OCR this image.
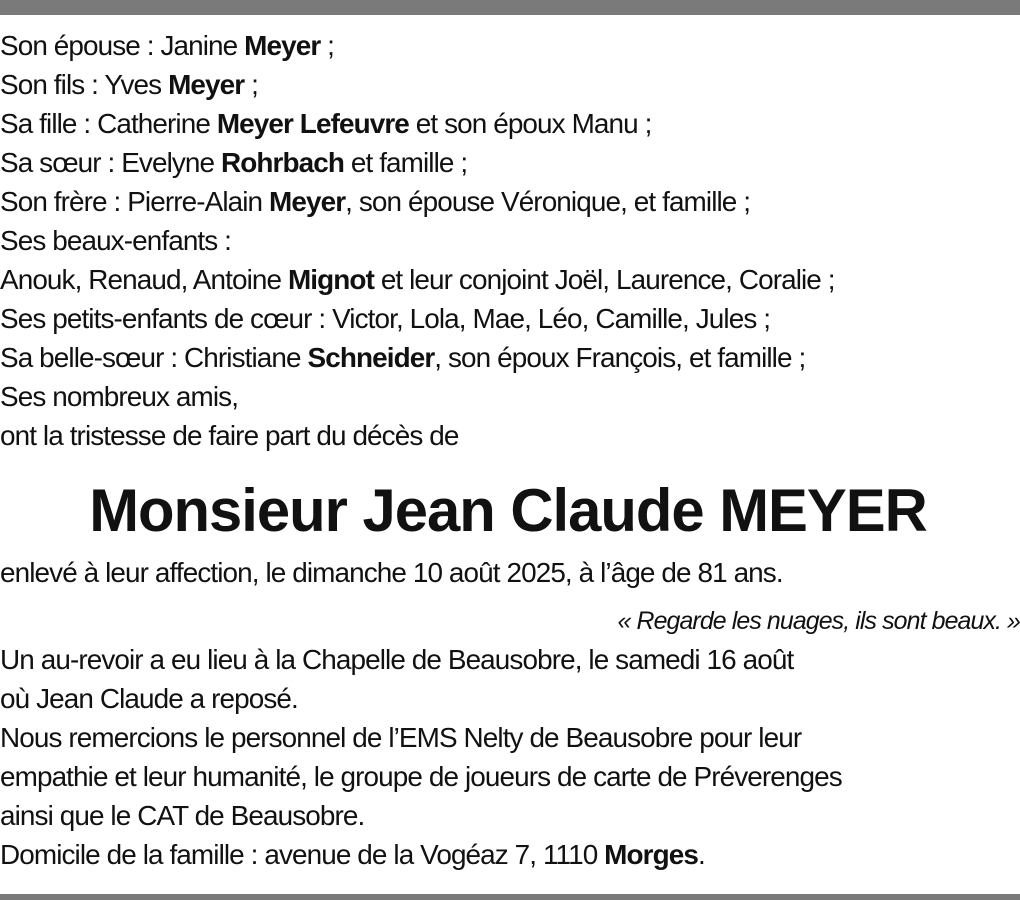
Son épouse : Janine Meyer ;
Son fils : Yves Meyer ;
Sa fille : Catherine Meyer Lefeuvre et son époux Manu ;
Sa sœur : Evelyne Rohrbach et famille ;
Son frère : Pierre-Alain Meyer, son épouse Véronique, et famille ;
Ses beaux-enfants :
Anouk, Renaud, Antoine Mignot et leur conjoint Joël, Laurence, Coralie ;
Ses petits-enfants de cœur : Victor, Lola, Mae, Léo, Camille, Jules ;
Sa belle-sœur : Christiane Schneider, son époux François, et famille ;
Ses nombreux amis,
ont la tristesse de faire part du décès de
Monsieur Jean Claude MEYER
enlevé à leur affection, le dimanche 10 août 2025, à l’âge de 81 ans.
« Regarde les nuages, ils sont beaux. »
Un au-revoir a eu lieu à la Chapelle de Beausobre, le samedi 16 août
où Jean Claude a reposé.
Nous remercions le personnel de l’EMS Nelty de Beausobre pour leur
empathie et leur humanité, le groupe de joueurs de carte de Préverenges
ainsi que le CAT de Beausobre.
Domicile de la famille : avenue de la Vogéaz 7, 1110 Morges.
